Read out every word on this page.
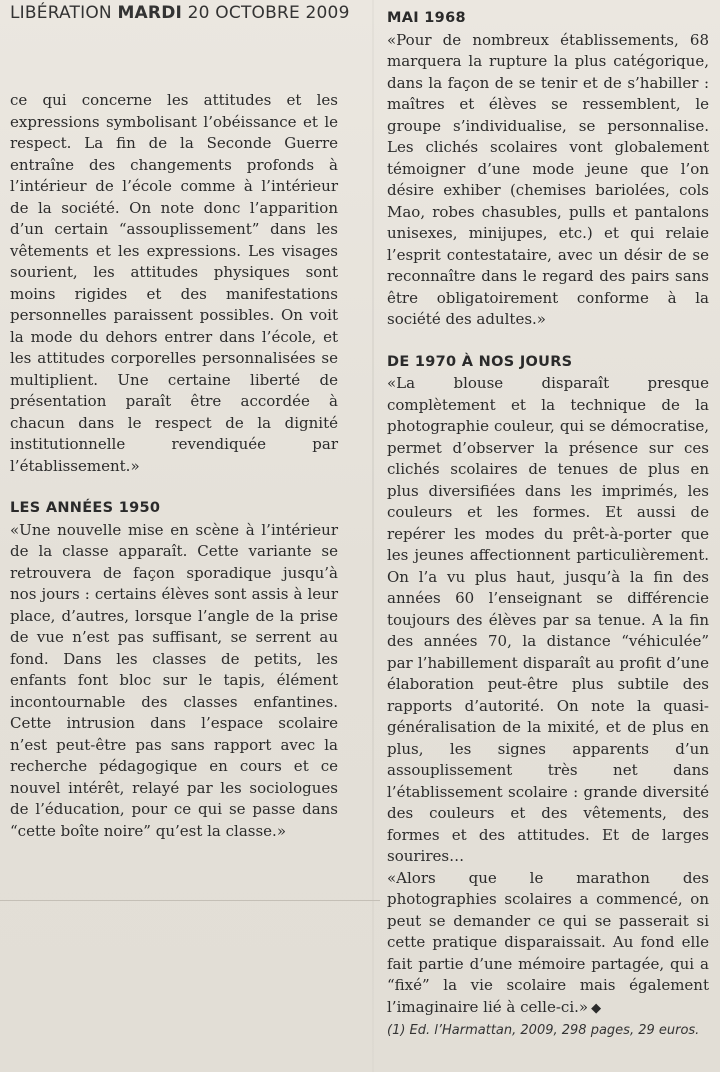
LIBÉRATION MARDI 20 OCTOBRE 2009

ce qui concerne les attitudes et les expressions symbolisant l’obéissance et le respect. La fin de la Seconde Guerre entraîne des changements profonds à l’intérieur de l’école comme à l’intérieur de la société. On note donc l’apparition d’un certain “assouplissement” dans les vêtements et les expressions. Les visages sourient, les attitudes physiques sont moins rigides et des manifestations personnelles paraissent possibles. On voit la mode du dehors entrer dans l’école, et les attitudes corporelles personnalisées se multiplient. Une certaine liberté de présentation paraît être accordée à chacun dans le respect de la dignité institutionnelle revendiquée par l’établissement.»

LES ANNÉES 1950

«Une nouvelle mise en scène à l’intérieur de la classe apparaît. Cette variante se retrouvera de façon sporadique jusqu’à nos jours : certains élèves sont assis à leur place, d’autres, lorsque l’angle de la prise de vue n’est pas suffisant, se serrent au fond. Dans les classes de petits, les enfants font bloc sur le tapis, élément incontournable des classes enfantines. Cette intrusion dans l’espace scolaire n’est peut-être pas sans rapport avec la recherche pédagogique en cours et ce nouvel intérêt, relayé par les sociologues de l’éducation, pour ce qui se passe dans “cette boîte noire” qu’est la classe.»

MAI 1968

«Pour de nombreux établissements, 68 marquera la rupture la plus catégorique, dans la façon de se tenir et de s’habiller : maîtres et élèves se ressemblent, le groupe s’individualise, se personnalise. Les clichés scolaires vont globalement témoigner d’une mode jeune que l’on désire exhiber (chemises bariolées, cols Mao, robes chasubles, pulls et pantalons unisexes, minijupes, etc.) et qui relaie l’esprit contestataire, avec un désir de se reconnaître dans le regard des pairs sans être obligatoirement conforme à la société des adultes.»

DE 1970 À NOS JOURS

«La blouse disparaît presque complètement et la technique de la photographie couleur, qui se démocratise, permet d’observer la présence sur ces clichés scolaires de tenues de plus en plus diversifiées dans les imprimés, les couleurs et les formes. Et aussi de repérer les modes du prêt-à-porter que les jeunes affectionnent particulièrement. On l’a vu plus haut, jusqu’à la fin des années 60 l’enseignant se différencie toujours des élèves par sa tenue. A la fin des années 70, la distance “véhiculée” par l’habillement disparaît au profit d’une élaboration peut-être plus subtile des rapports d’autorité. On note la quasi-généralisation de la mixité, et de plus en plus, les signes apparents d’un assouplissement très net dans l’établissement scolaire : grande diversité des couleurs et des vêtements, des formes et des attitudes. Et de larges sourires…

«Alors que le marathon des photographies scolaires a commencé, on peut se demander ce qui se passerait si cette pratique disparaissait. Au fond elle fait partie d’une mémoire partagée, qui a “fixé” la vie scolaire mais également l’imaginaire lié à celle-ci.» ◆

(1) Ed. l’Harmattan, 2009, 298 pages, 29 euros.
